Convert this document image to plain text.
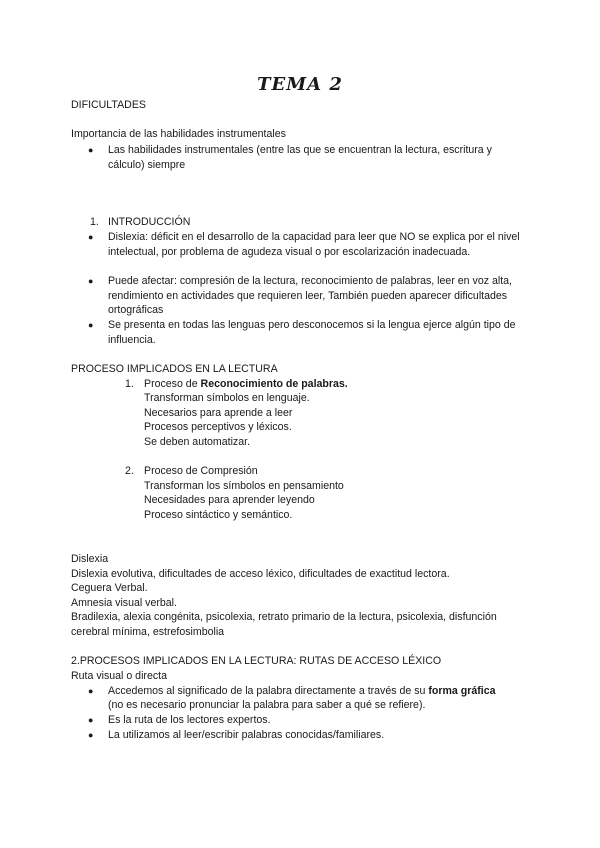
TEMA 2
DIFICULTADES
Importancia de las habilidades instrumentales
●	Las habilidades instrumentales (entre las que se encuentran la lectura, escritura y cálculo) siempre
1. INTRODUCCIÓN
●	Dislexia: déficit en el desarrollo de la capacidad para leer que NO se explica por el nivel intelectual, por problema de agudeza visual o por escolarización inadecuada.
●	Puede afectar: compresión de la lectura, reconocimiento de palabras, leer en voz alta, rendimiento en actividades que requieren leer, También pueden aparecer dificultades ortográficas
●	Se presenta en todas las lenguas pero desconocemos si la lengua ejerce algún tipo de influencia.
PROCESO IMPLICADOS EN LA LECTURA
1. Proceso de Reconocimiento de palabras.
Transforman símbolos en lenguaje.
Necesarios para aprende a leer
Procesos perceptivos y léxicos.
Se deben automatizar.
2. Proceso de Compresión
Transforman los símbolos en pensamiento
Necesidades para aprender leyendo
Proceso sintáctico y semántico.
Dislexia
Dislexia evolutiva, dificultades de acceso léxico, dificultades de exactitud lectora.
Ceguera Verbal.
Amnesia visual verbal.
Bradilexia, alexia congénita, psicolexia, retrato primario de la lectura, psicolexia, disfunción
cerebral mínima, estrefosimbolia
2.PROCESOS IMPLICADOS EN LA LECTURA: RUTAS DE ACCESO LÉXICO
Ruta visual o directa
●	Accedemos al significado de la palabra directamente a través de su forma gráfica
(no es necesario pronunciar la palabra para saber a qué se refiere).
●	Es la ruta de los lectores expertos.
●	La utilizamos al leer/escribir palabras conocidas/familiares.
